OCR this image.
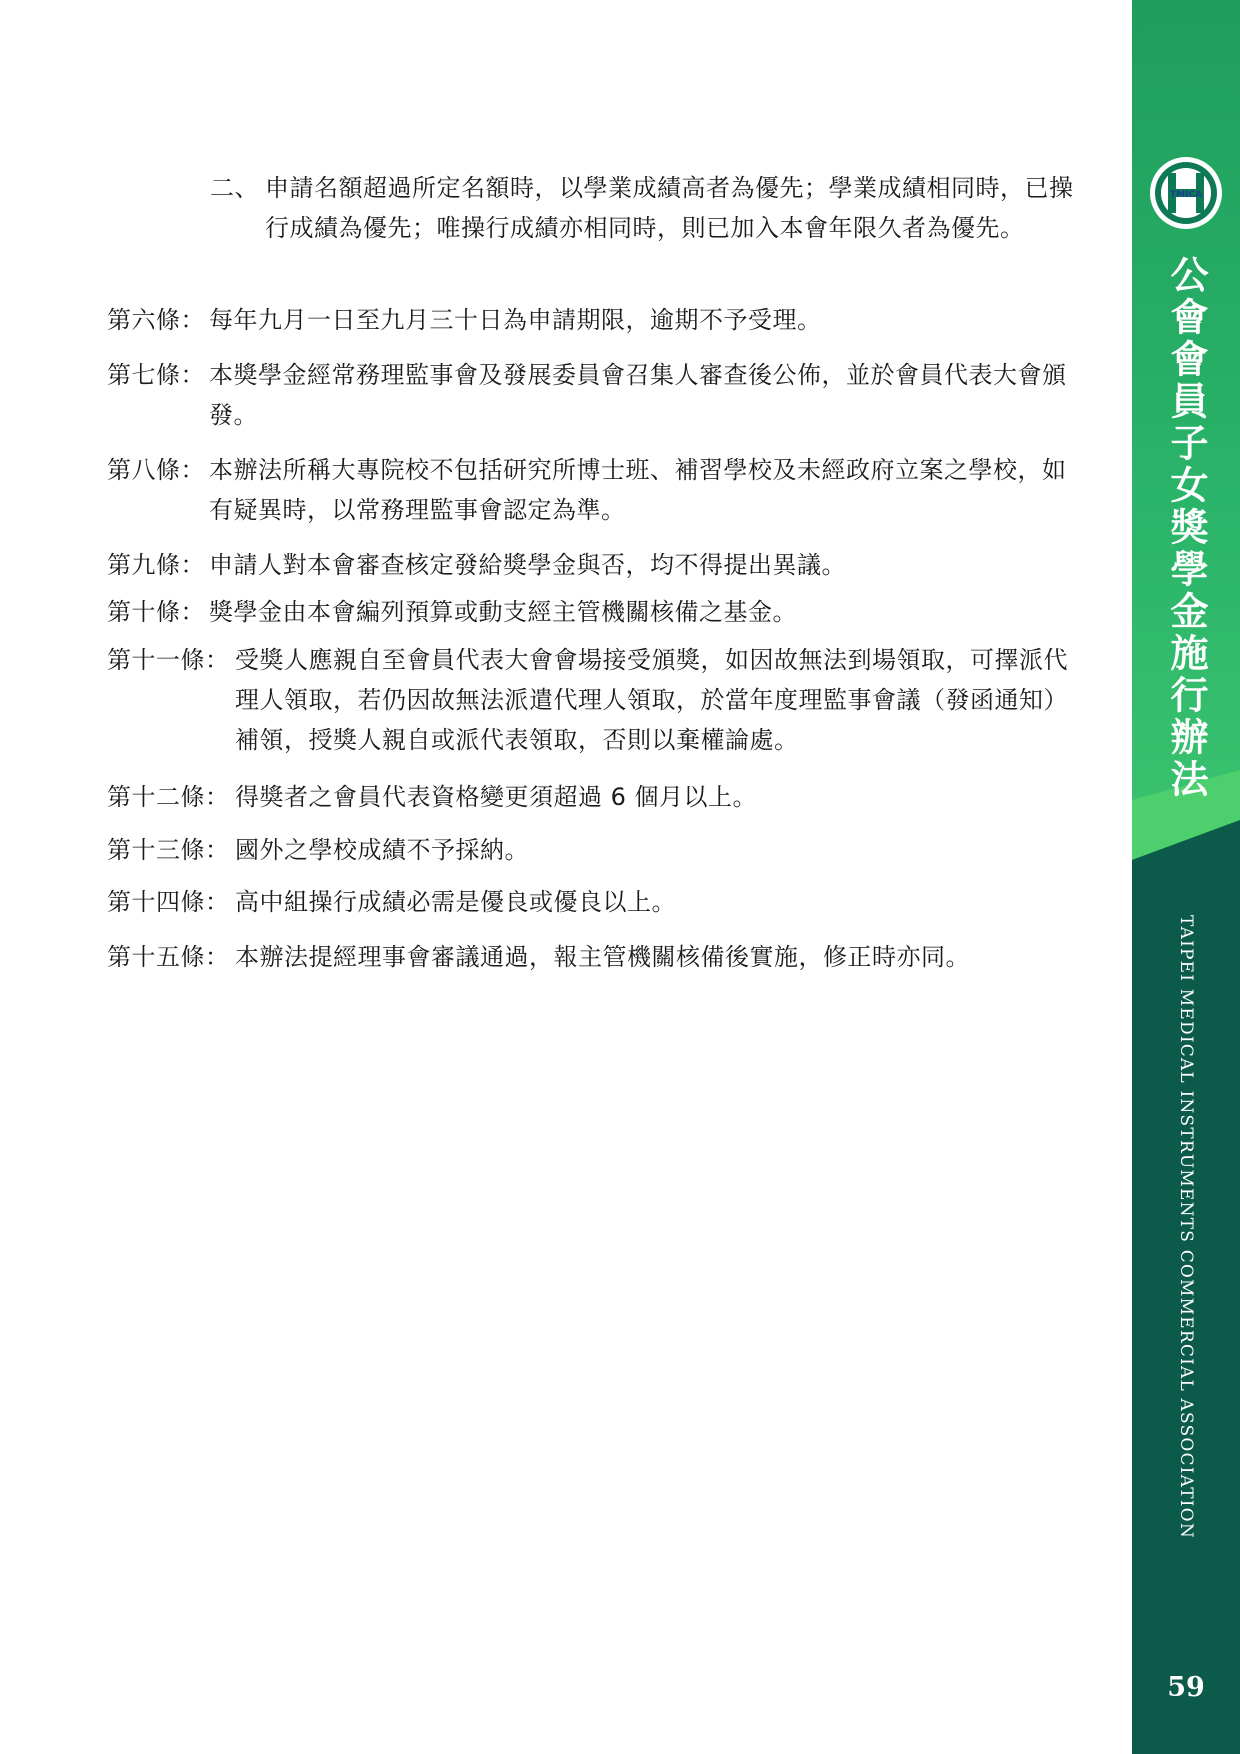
二、 申請名額超過所定名額時，以學業成績高者為優先；學業成績相同時，已操行成績為優先；唯操行成績亦相同時，則已加入本會年限久者為優先。
第六條： 每年九月一日至九月三十日為申請期限，逾期不予受理。
第七條： 本獎學金經常務理監事會及發展委員會召集人審查後公佈，並於會員代表大會頒發。
第八條： 本辦法所稱大專院校不包括研究所博士班、補習學校及未經政府立案之學校，如有疑異時，以常務理監事會認定為準。
第九條： 申請人對本會審查核定發給獎學金與否，均不得提出異議。
第十條： 獎學金由本會編列預算或動支經主管機關核備之基金。
第十一條： 受獎人應親自至會員代表大會會場接受頒獎，如因故無法到場領取，可擇派代理人領取，若仍因故無法派遣代理人領取，於當年度理監事會議（發函通知）補領，授獎人親自或派代表領取，否則以棄權論處。
第十二條： 得獎者之會員代表資格變更須超過 6 個月以上。
第十三條： 國外之學校成績不予採納。
第十四條： 高中組操行成績必需是優良或優良以上。
第十五條： 本辦法提經理事會審議通過，報主管機關核備後實施，修正時亦同。
TMICA
公會會員子女獎學金施行辦法
TAIPEI MEDICAL INSTRUMENTS COMMERCIAL ASSOCIATION
59
